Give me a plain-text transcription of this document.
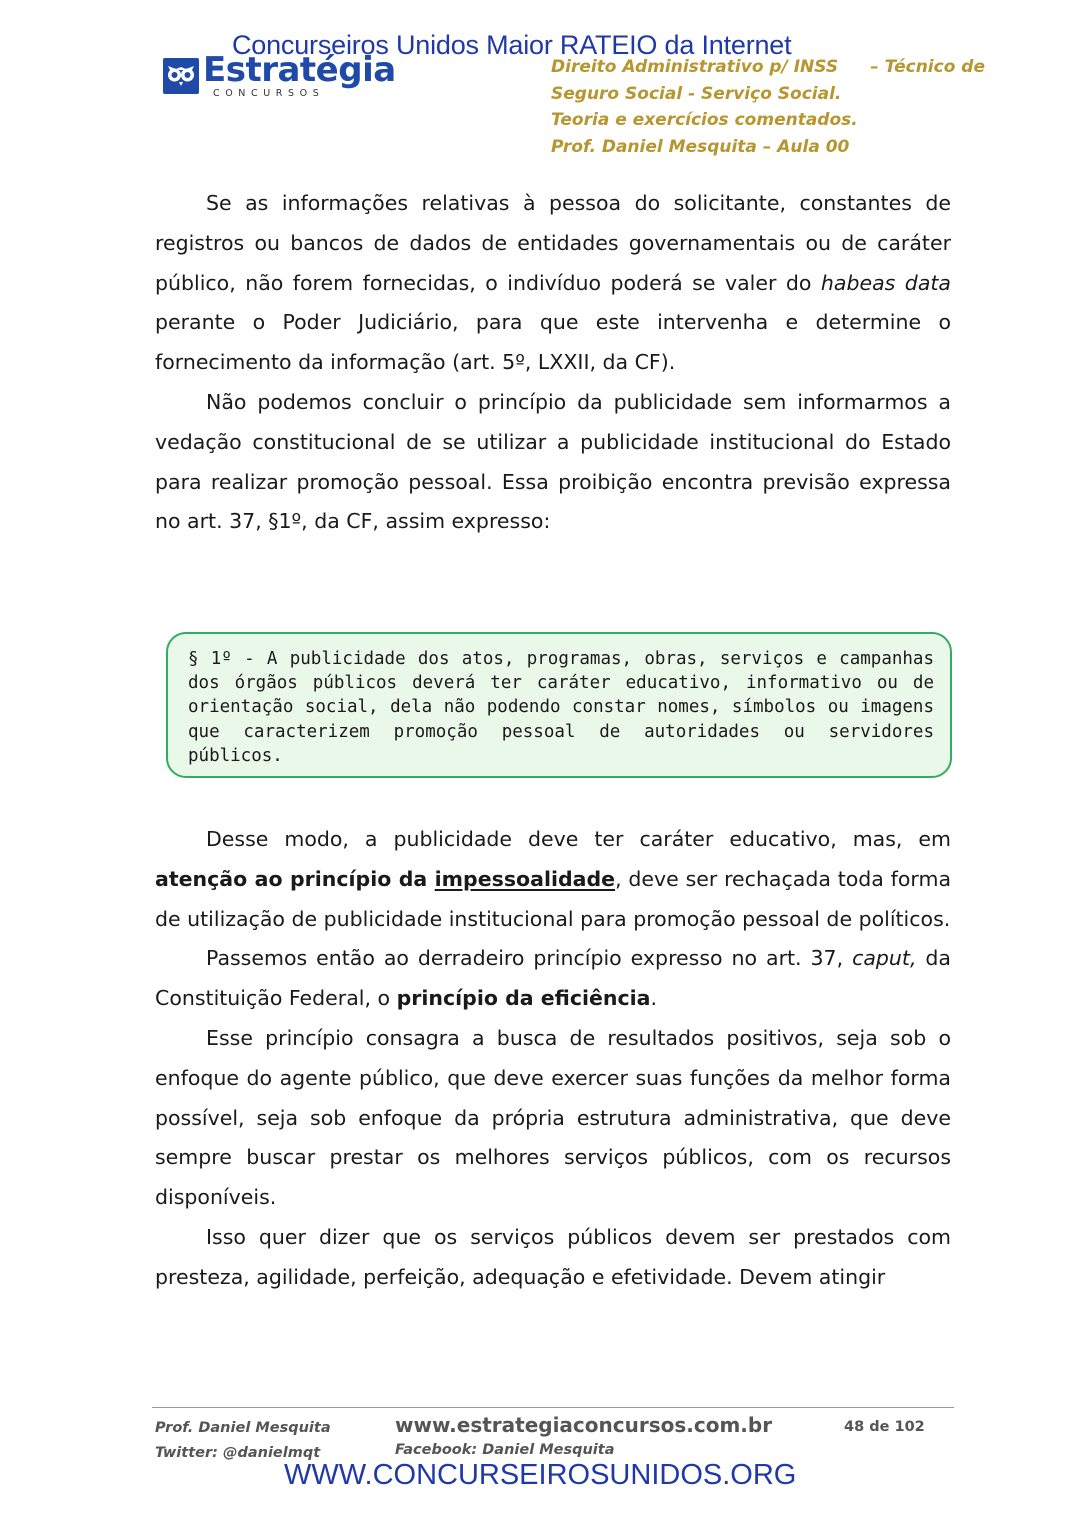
Concurseiros Unidos Maior RATEIO da Internet
Estratégia
CONCURSOS
Direito Administrativo p/ INSS – Técnico de
Seguro Social - Serviço Social.
Teoria e exercícios comentados.
Prof. Daniel Mesquita – Aula 00

Se as informações relativas à pessoa do solicitante, constantes de registros ou bancos de dados de entidades governamentais ou de caráter público, não forem fornecidas, o indivíduo poderá se valer do habeas data perante o Poder Judiciário, para que este intervenha e determine o fornecimento da informação (art. 5º, LXXII, da CF).

Não podemos concluir o princípio da publicidade sem informarmos a vedação constitucional de se utilizar a publicidade institucional do Estado para realizar promoção pessoal. Essa proibição encontra previsão expressa no art. 37, §1º, da CF, assim expresso:

§ 1º - A publicidade dos atos, programas, obras, serviços e campanhas dos órgãos públicos deverá ter caráter educativo, informativo ou de orientação social, dela não podendo constar nomes, símbolos ou imagens que caracterizem promoção pessoal de autoridades ou servidores públicos.

Desse modo, a publicidade deve ter caráter educativo, mas, em atenção ao princípio da impessoalidade, deve ser rechaçada toda forma de utilização de publicidade institucional para promoção pessoal de políticos.

Passemos então ao derradeiro princípio expresso no art. 37, caput, da Constituição Federal, o princípio da eficiência.

Esse princípio consagra a busca de resultados positivos, seja sob o enfoque do agente público, que deve exercer suas funções da melhor forma possível, seja sob enfoque da própria estrutura administrativa, que deve sempre buscar prestar os melhores serviços públicos, com os recursos disponíveis.

Isso quer dizer que os serviços públicos devem ser prestados com presteza, agilidade, perfeição, adequação e efetividade. Devem atingir

Prof. Daniel Mesquita
Twitter: @danielmqt
www.estrategiaconcursos.com.br
Facebook: Daniel Mesquita
48 de 102
WWW.CONCURSEIROSUNIDOS.ORG
